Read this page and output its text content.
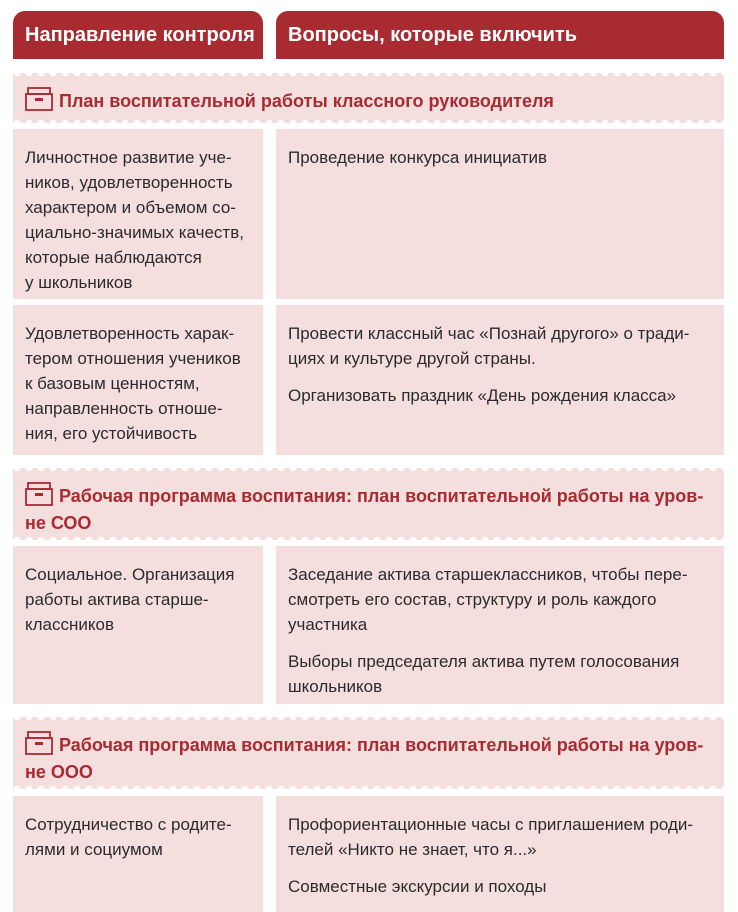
Направление контроля	Вопросы, которые включить
План воспитательной работы классного руководителя

Личностное развитие уче-
ников, удовлетворенность
характером и объемом со-
циально-значимых качеств,
которые наблюдаются
у школьников

Проведение конкурса инициатив

Удовлетворенность харак-
тером отношения учеников
к базовым ценностям,
направленность отноше-
ния, его устойчивость

Провести классный час «Познай другого» о тради-
циях и культуре другой страны.

Организовать праздник «День рождения класса»

Рабочая программа воспитания: план воспитательной работы на уров-
не СОО

Социальное. Организация
работы актива старше-
классников

Заседание актива старшеклассников, чтобы пере-
смотреть его состав, структуру и роль каждого
участника

Выборы председателя актива путем голосования
школьников

Рабочая программа воспитания: план воспитательной работы на уров-
не ООО

Сотрудничество с родите-
лями и социумом

Профориентационные часы с приглашением роди-
телей «Никто не знает, что я...»

Совместные экскурсии и походы
